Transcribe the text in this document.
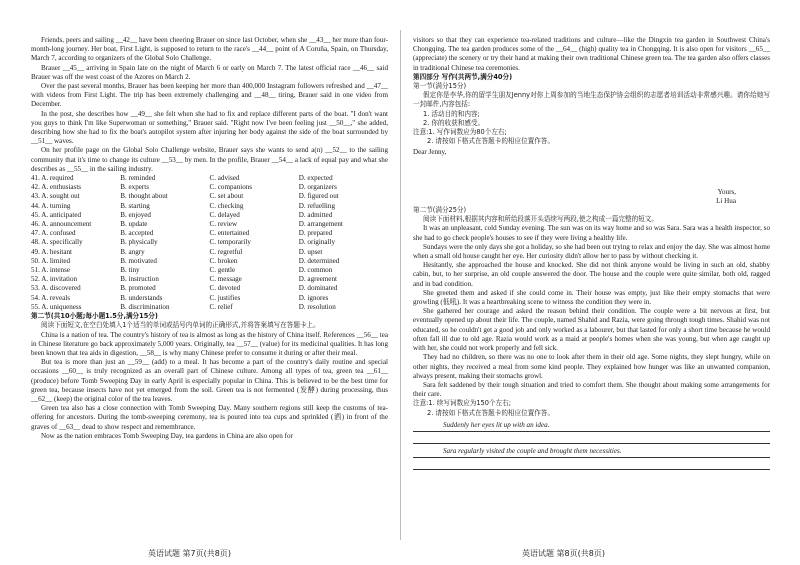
Friends, peers and sailing __42__ have been cheering Brauer on since last October, when she __43__ her more than four-month-long journey. Her boat, First Light, is supposed to return to the race's __44__ point of A Coruña, Spain, on Thursday, March 7, according to organizers of the Global Solo Challenge.

Brauer __45__ arriving in Spain late on the night of March 6 or early on March 7. The latest official race __46__ said Brauer was off the west coast of the Azores on March 2.

Over the past several months, Brauer has been keeping her more than 400,000 Instagram followers refreshed and __47__ with videos from First Light. The trip has been extremely challenging and __48__ tiring, Brauer said in one video from December.

In the post, she describes how __49__ she felt when she had to fix and replace different parts of the boat. "I don't want you guys to think I'm like Superwoman or something," Brauer said. "Right now I've been feeling just __50__," she added, describing how she had to fix the boat's autopilot system after injuring her body against the side of the boat surrounded by __51__ waves.

On her profile page on the Global Solo Challenge website, Brauer says she wants to send a(n) __52__ to the sailing community that it's time to change its culture __53__ by men. In the profile, Brauer __54__ a lack of equal pay and what she describes as __55__ in the sailing industry.

41. A. required	B. reminded	C. advised	D. expected
42. A. enthusiasts	B. experts	C. companions	D. organizers
43. A. sought out	B. thought about	C. set about	D. figured out
44. A. turning	B. starting	C. checking	D. refuelling
45. A. anticipated	B. enjoyed	C. delayed	D. admitted
46. A. announcement	B. update	C. review	D. arrangement
47. A. confused	B. accepted	C. entertained	D. prepared
48. A. specifically	B. physically	C. temporarily	D. originally
49. A. hesitant	B. angry	C. regretful	D. upset
50. A. limited	B. motivated	C. broken	D. determined
51. A. intense	B. tiny	C. gentle	D. common
52. A. invitation	B. instruction	C. message	D. agreement
53. A. discovered	B. promoted	C. devoted	D. dominated
54. A. reveals	B. understands	C. justifies	D. ignores
55. A. uniqueness	B. discrimination	C. relief	D. resolution

第二节(共10小题;每小题1.5分,满分15分)

阅读下面短文,在空白处填入1个适当的单词或括号内单词的正确形式,并将答案填写在答题卡上。

China is a nation of tea. The country's history of tea is almost as long as the history of China itself. References __56__ tea in Chinese literature go back approximately 5,000 years. Originally, tea __57__ (value) for its medicinal qualities. It has long been known that tea aids in digestion, __58__ is why many Chinese prefer to consume it during or after their meal.

But tea is more than just an __59__ (add) to a meal. It has become a part of the country's daily routine and special occasions __60__ is truly recognized as an overall part of Chinese culture. Among all types of tea, green tea __61__ (produce) before Tomb Sweeping Day in early April is especially popular in China. This is believed to be the best time for green tea, because insects have not yet emerged from the soil. Green tea is not fermented (发酵) during processing, thus __62__ (keep) the original color of the tea leaves.

Green tea also has a close connection with Tomb Sweeping Day. Many southern regions still keep the customs of tea-offering for ancestors. During the tomb-sweeping ceremony, tea is poured into tea cups and sprinkled (洒) in front of the graves of __63__ dead to show respect and remembrance.

Now as the nation embraces Tomb Sweeping Day, tea gardens in China are also open for

visitors so that they can experience tea-related traditions and culture—like the Dingxin tea garden in Southwest China's Chongqing. The tea garden produces some of the __64__ (high) quality tea in Chongqing. It is also open for visitors __65__ (appreciate) the scenery or try their hand at making their own traditional Chinese green tea. The tea garden also offers classes in traditional Chinese tea ceremonies.

第四部分 写作(共两节,满分40分)

第一节(满分15分)

假定你是李华,你的留学生朋友Jenny对你上周参加的当地生态保护协会组织的志愿者培训活动非常感兴趣。请你给她写一封邮件,内容包括:

1. 活动目的和内容;

2. 你的收获和感受。

注意:1. 写作词数应为80个左右;

2. 请按如下格式在答题卡的相应位置作答。

Dear Jenny,

Yours,

Li Hua

第二节(满分25分)

阅读下面材料,根据其内容和所给段落开头语续写两段,使之构成一篇完整的短文。

It was an unpleasant, cold Sunday evening. The sun was on its way home and so was Sara. Sara was a health inspector, so she had to go check people's houses to see if they were living a healthy life.

Sundays were the only days she got a holiday, so she had been out trying to relax and enjoy the day. She was almost home when a small old house caught her eye. Her curiosity didn't allow her to pass by without checking it.

Hesitantly, she approached the house and knocked. She did not think anyone would be living in such an old, shabby cabin, but, to her surprise, an old couple answered the door. The house and the couple were quite similar, both old, ragged and in bad condition.

She greeted them and asked if she could come in. Their house was empty, just like their empty stomachs that were growling (低吼). It was a heartbreaking scene to witness the condition they were in.

She gathered her courage and asked the reason behind their condition. The couple were a bit nervous at first, but eventually opened up about their life. The couple, named Shahid and Razia, were going through tough times. Shahid was not educated, so he couldn't get a good job and only worked as a labourer, but that lasted for only a short time because he would often fall ill due to old age. Razia would work as a maid at people's homes when she was young, but when age caught up with her, she could not work properly and fell sick.

They had no children, so there was no one to look after them in their old age. Some nights, they slept hungry, while on other nights, they received a meal from some kind people. They explained how hunger was like an unwanted companion, always present, making their stomachs growl.

Sara felt saddened by their tough situation and tried to comfort them. She thought about making some arrangements for their care.

注意:1. 续写词数应为150个左右;

2. 请按如下格式在答题卡的相应位置作答。

Suddenly her eyes lit up with an idea.
Sara regularly visited the couple and brought them necessities.
英语试题 第7页(共8页)	英语试题 第8页(共8页)
